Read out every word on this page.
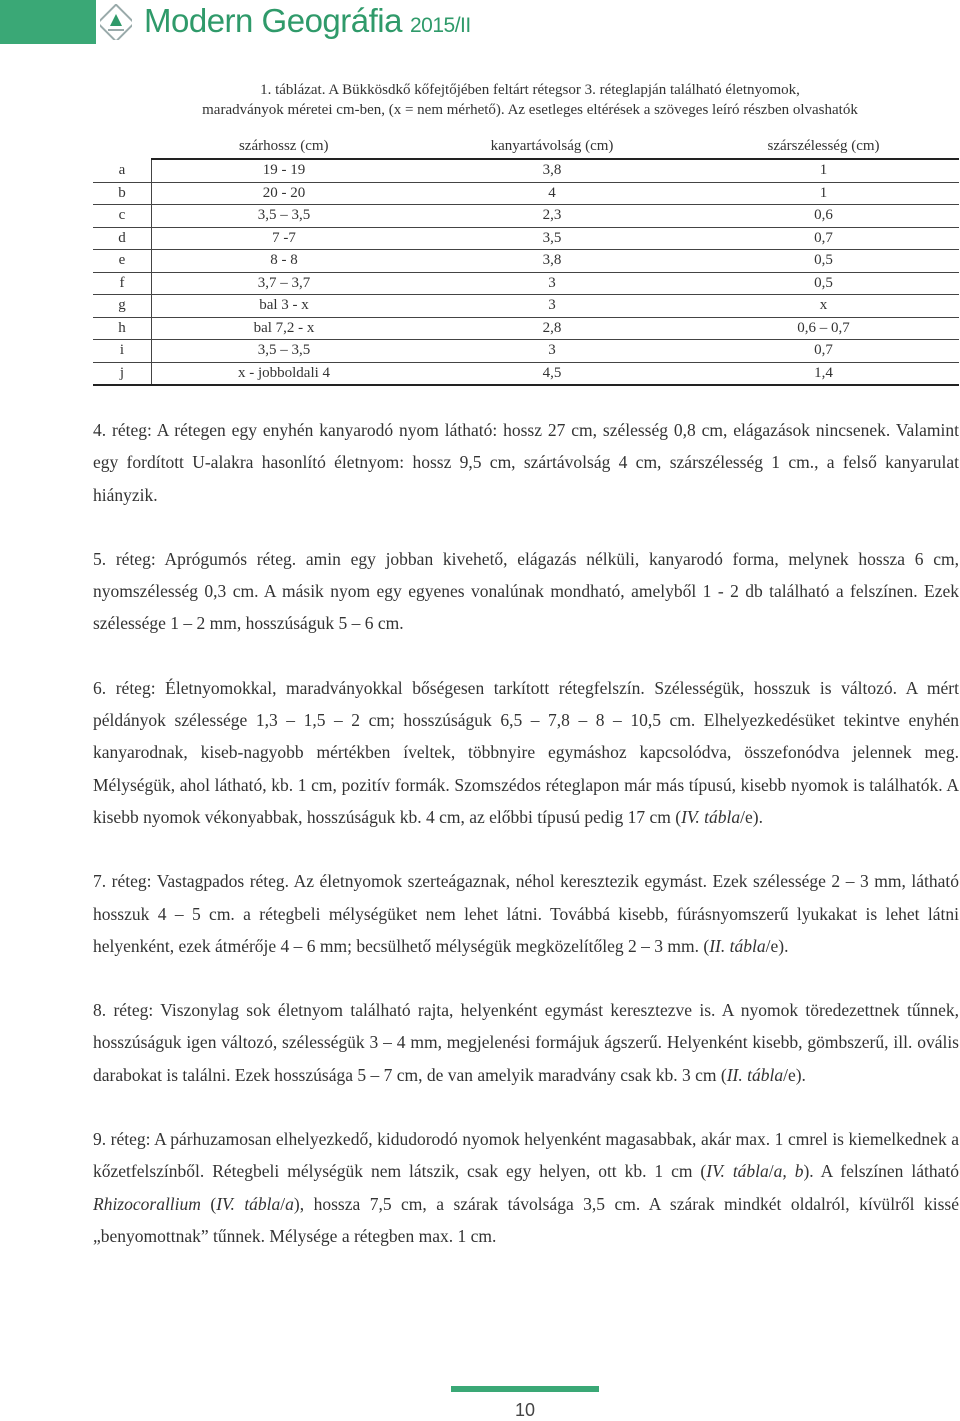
Modern Geográfia 2015/II
1. táblázat. A Bükkösdkő kőfejtőjében feltárt rétegsor 3. réteglapján található életnyomok,
maradványok méretei cm-ben, (x = nem mérhető). Az esetleges eltérések a szöveges leíró részben olvashatók
	szárhossz (cm)	kanyartávolság (cm)	szárszélesség (cm)
a	19 - 19	3,8	1
b	20 - 20	4	1
c	3,5 – 3,5	2,3	0,6
d	7 -7	3,5	0,7
e	8 - 8	3,8	0,5
f	3,7 – 3,7	3	0,5
g	bal 3 - x	3	x
h	bal 7,2 - x	2,8	0,6 – 0,7
i	3,5 – 3,5	3	0,7
j	x - jobboldali 4	4,5	1,4

4. réteg: A rétegen egy enyhén kanyarodó nyom látható: hossz 27 cm, szélesség 0,8 cm, elágazások nincsenek. Valamint egy fordított U-alakra hasonlító életnyom: hossz 9,5 cm, szártávolság 4 cm, szárszélesség 1 cm., a felső kanyarulat hiányzik.

5. réteg: Aprógumós réteg. amin egy jobban kivehető, elágazás nélküli, kanyarodó forma, melynek hossza 6 cm, nyomszélesség 0,3 cm. A másik nyom egy egyenes vonalúnak mondható, amelyből 1 - 2 db található a felszínen. Ezek szélessége 1 – 2 mm, hosszúságuk 5 – 6 cm.

6. réteg: Életnyomokkal, maradványokkal bőségesen tarkított rétegfelszín. Szélességük, hosszuk is változó. A mért példányok szélessége 1,3 – 1,5 – 2 cm; hosszúságuk 6,5 – 7,8 – 8 – 10,5 cm. Elhelyezkedésüket tekintve enyhén kanyarodnak, kiseb-nagyobb mértékben íveltek, többnyire egymáshoz kapcsolódva, összefonódva jelennek meg. Mélységük, ahol látható, kb. 1 cm, pozitív formák. Szomszédos réteglapon már más típusú, kisebb nyomok is találhatók. A kisebb nyomok vékonyabbak, hosszúságuk kb. 4 cm, az előbbi típusú pedig 17 cm (IV. tábla/e).

7. réteg: Vastagpados réteg. Az életnyomok szerteágaznak, néhol keresztezik egymást. Ezek szélessége 2 – 3 mm, látható hosszuk 4 – 5 cm. a rétegbeli mélységüket nem lehet látni. Továbbá kisebb, fúrásnyomszerű lyukakat is lehet látni helyenként, ezek átmérője 4 – 6 mm; becsülhető mélységük megközelítőleg 2 – 3 mm. (II. tábla/e).

8. réteg: Viszonylag sok életnyom található rajta, helyenként egymást keresztezve is. A nyomok töredezettnek tűnnek, hosszúságuk igen változó, szélességük 3 – 4 mm, megjelenési formájuk ágszerű. Helyenként kisebb, gömbszerű, ill. ovális darabokat is találni. Ezek hosszúsága 5 – 7 cm, de van amelyik maradvány csak kb. 3 cm (II. tábla/e).

9. réteg: A párhuzamosan elhelyezkedő, kidudorodó nyomok helyenként magasabbak, akár max. 1 cmrel is kiemelkednek a kőzetfelszínből. Rétegbeli mélységük nem látszik, csak egy helyen, ott kb. 1 cm (IV. tábla/a, b). A felszínen látható Rhizocorallium (IV. tábla/a), hossza 7,5 cm, a szárak távolsága 3,5 cm. A szárak mindkét oldalról, kívülről kissé „benyomottnak” tűnnek. Mélysége a rétegben max. 1 cm.

10
